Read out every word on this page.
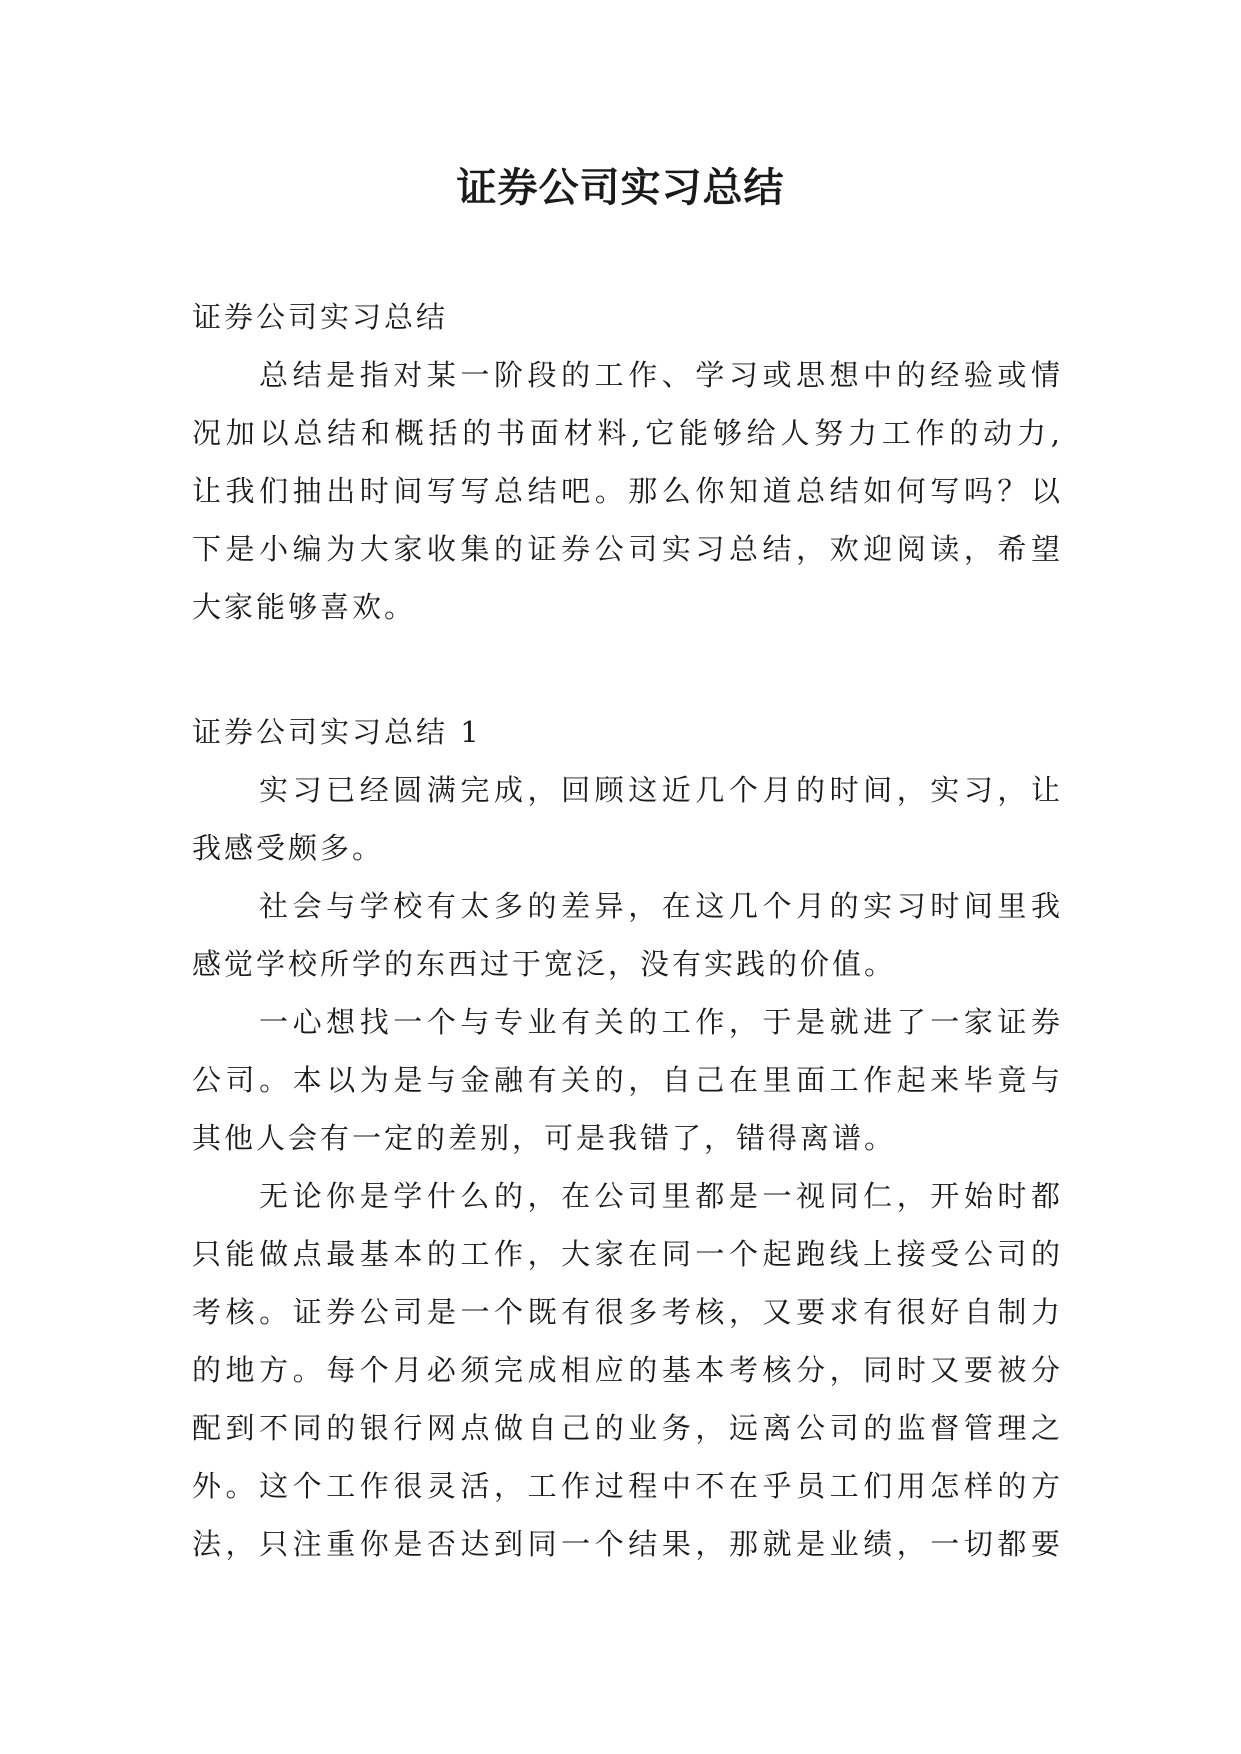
证券公司实习总结
证券公司实习总结
总结是指对某一阶段的工作、学习或思想中的经验或情
况加以总结和概括的书面材料,它能够给人努力工作的动力,
让我们抽出时间写写总结吧。那么你知道总结如何写吗？以
下是小编为大家收集的证券公司实习总结，欢迎阅读，希望
大家能够喜欢。
证券公司实习总结 1
实习已经圆满完成，回顾这近几个月的时间，实习，让
我感受颇多。
社会与学校有太多的差异，在这几个月的实习时间里我
感觉学校所学的东西过于宽泛，没有实践的价值。
一心想找一个与专业有关的工作，于是就进了一家证券
公司。本以为是与金融有关的，自己在里面工作起来毕竟与
其他人会有一定的差别，可是我错了，错得离谱。
无论你是学什么的，在公司里都是一视同仁，开始时都
只能做点最基本的工作，大家在同一个起跑线上接受公司的
考核。证券公司是一个既有很多考核，又要求有很好自制力
的地方。每个月必须完成相应的基本考核分，同时又要被分
配到不同的银行网点做自己的业务，远离公司的监督管理之
外。这个工作很灵活，工作过程中不在乎员工们用怎样的方
法，只注重你是否达到同一个结果，那就是业绩，一切都要
